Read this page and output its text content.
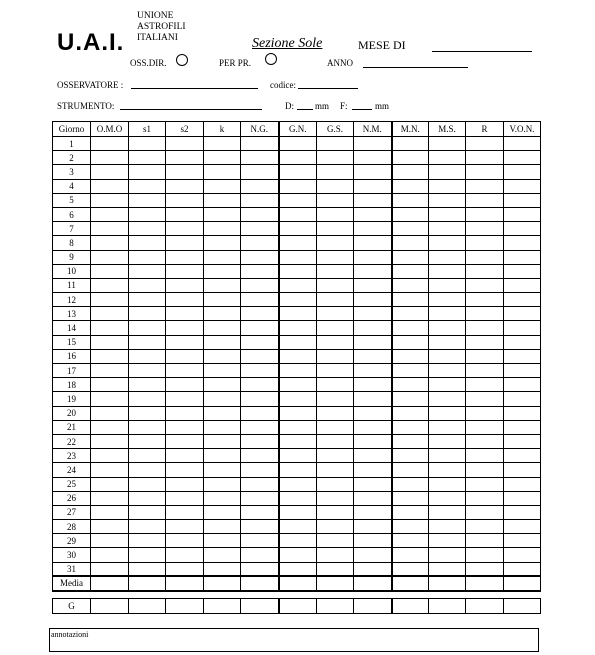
U.A.I.
UNIONE
ASTROFILI
ITALIANI	Sezione Sole	MESE DI
OSS.DIR.	PER PR.	ANNO
OSSERVATORE :	codice:
STRUMENTO:	D: mm F:	mm
Giorno	O.M.O	s1	s2	k	N.G.	G.N.	G.S.	N.M.	M.N.	M.S.	R	V.O.N.
1												
2												
3												
4												
5												
6												
7												
8												
9												
10												
11												
12												
13												
14												
15												
16												
17												
18												
19												
20												
21												
22												
23												
24												
25												
26												
27												
28												
29												
30												
31												
Media												
G												
annotazioni
